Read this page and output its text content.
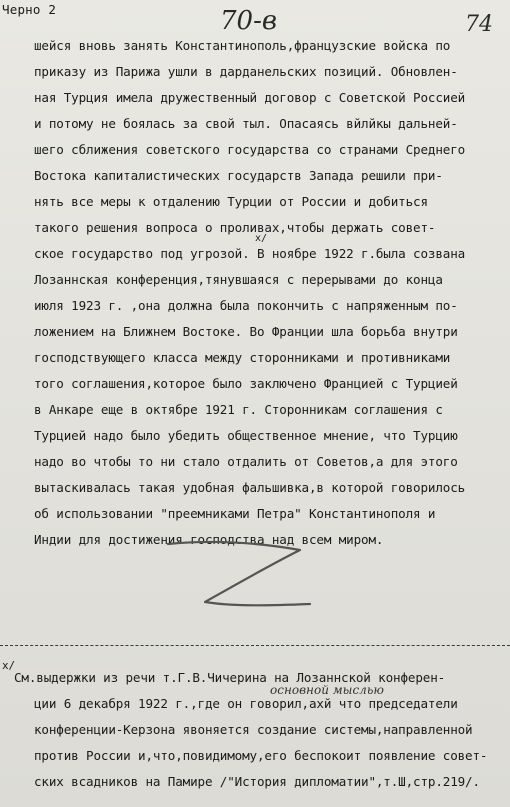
Черно 2	70-в	74
шейся вновь занять Константинополь,французские войска по
приказу из Парижа ушли в дарданельских позиций. Обновлен-
ная Турция имела дружественный договор с Советской Россией
и потому не боялась за свой тыл. Опасаясь вйлйкы дальней-
шего сближения советского государства со странами Среднего
Востока капиталистических государств Запада решили при-
нять все меры к отдалению Турции от России и добиться
такого решения вопроса о проливах,чтобы держать совет-
ское государство под угрозой. В ноябре 1922 г.была созвана
Лозаннская конференция,тянувшаяся с перерывами до конца
июля 1923 г. ,она должна была покончить с напряженным по-
ложением на Ближнем Востоке. Во Франции шла борьба внутри
господствующего класса между сторонниками и противниками
того соглашения,которое было заключено Францией с Турцией
в Анкаре еще в октябре 1921 г. Сторонникам соглашения с
Турцией надо было убедить общественное мнение, что Турцию
надо во чтобы то ни стало отдалить от Советов,а для этого
вытаскивалась такая удобная фальшивка,в которой говорилось
об использовании "преемниками Петра" Константинополя и
Индии для достижения господства над всем миром.
х/
х/
основной мыслью
См.выдержки из речи т.Г.В.Чичерина на Лозаннской конферен-
ции 6 декабря 1922 г.,где он говорил,ахй что председатели
конференции-Керзона явоняется создание системы,направленной
против России и,что,повидимому,его беспокоит появление совет-
ских всадников на Памире /"История дипломатии",т.Ш,стр.219/.
